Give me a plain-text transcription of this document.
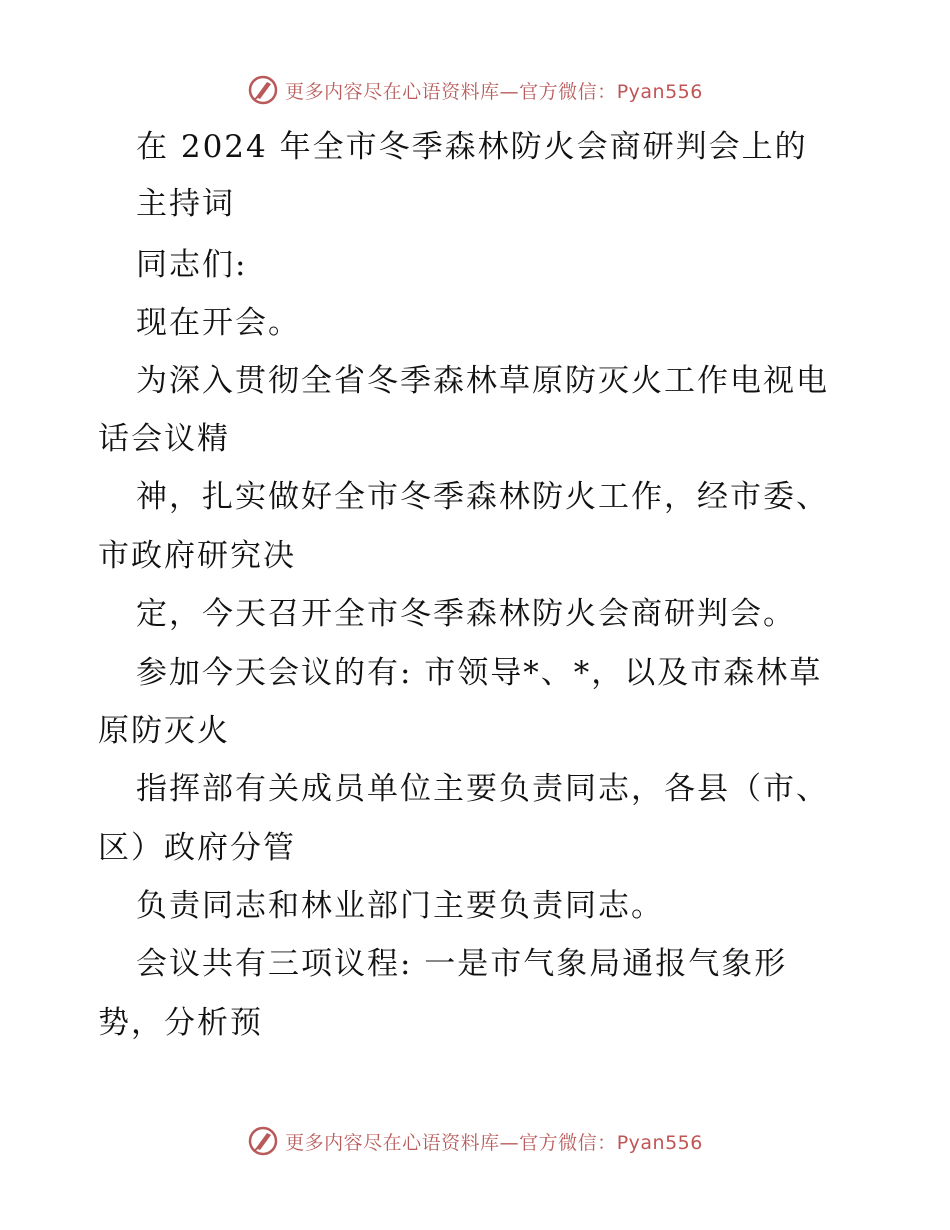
更多内容尽在心语资料库—官方微信：Pyan556
在 2024 年全市冬季森林防火会商研判会上的
主持词
同志们:
现在开会。
为深入贯彻全省冬季森林草原防灭火工作电视电
话会议精
神，扎实做好全市冬季森林防火工作，经市委、
市政府研究决
定，今天召开全市冬季森林防火会商研判会。
参加今天会议的有: 市领导*、*，以及市森林草
原防灭火
指挥部有关成员单位主要负责同志，各县（市、
区）政府分管
负责同志和林业部门主要负责同志。
会议共有三项议程: 一是市气象局通报气象形
势，分析预
更多内容尽在心语资料库—官方微信：Pyan556
